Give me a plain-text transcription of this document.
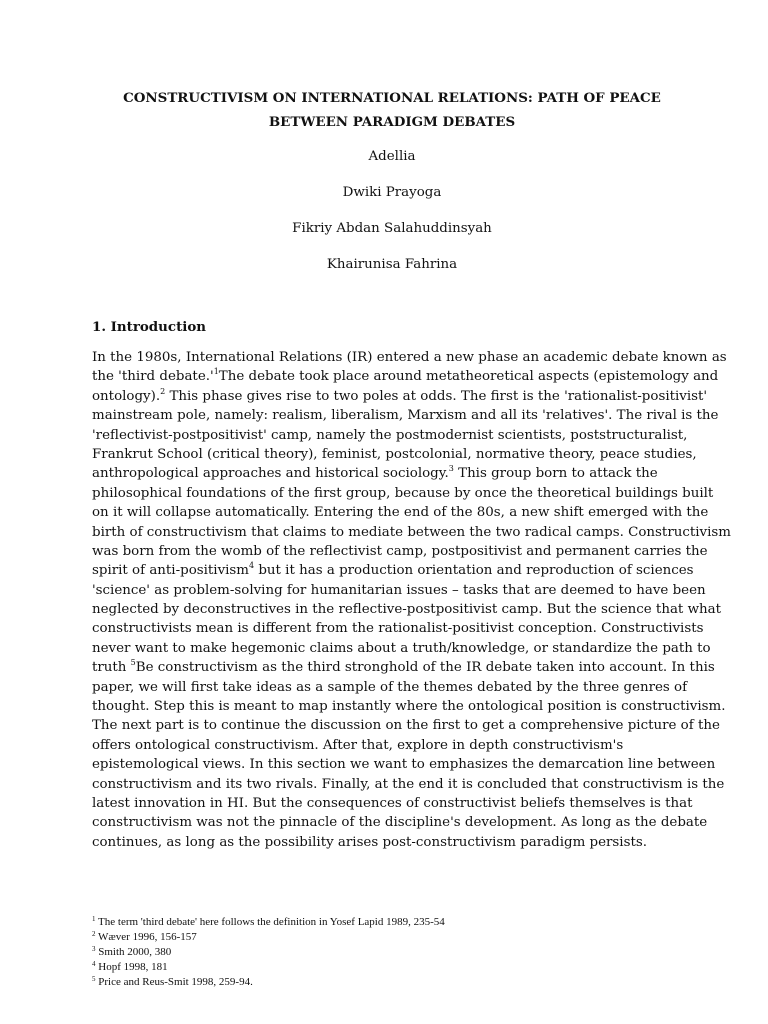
CONSTRUCTIVISM ON INTERNATIONAL RELATIONS: PATH OF PEACE
BETWEEN PARADIGM DEBATES
Adellia
Dwiki Prayoga
Fikriy Abdan Salahuddinsyah
Khairunisa Fahrina
1. Introduction
In the 1980s, International Relations (IR) entered a new phase an academic debate known as
the 'third debate.'$^1$The debate took place around metatheoretical aspects (epistemology and
ontology).$^2$ This phase gives rise to two poles at odds. The first is the 'rationalist-positivist'
mainstream pole, namely: realism, liberalism, Marxism and all its 'relatives'. The rival is the
'reflectivist-postpositivist' camp, namely the postmodernist scientists, poststructuralist,
Frankrut School (critical theory), feminist, postcolonial, normative theory, peace studies,
anthropological approaches and historical sociology.$^3$ This group born to attack the
philosophical foundations of the first group, because by once the theoretical buildings built
on it will collapse automatically. Entering the end of the 80s, a new shift emerged with the
birth of constructivism that claims to mediate between the two radical camps. Constructivism
was born from the womb of the reflectivist camp, postpositivist and permanent carries the
spirit of anti-positivism$^4$ but it has a production orientation and reproduction of sciences
'science' as problem-solving for humanitarian issues – tasks that are deemed to have been
neglected by deconstructives in the reflective-postpositivist camp. But the science that what
constructivists mean is different from the rationalist-positivist conception. Constructivists
never want to make hegemonic claims about a truth/knowledge, or standardize the path to
truth $^5$Be constructivism as the third stronghold of the IR debate taken into account. In this
paper, we will first take ideas as a sample of the themes debated by the three genres of
thought. Step this is meant to map instantly where the ontological position is constructivism.
The next part is to continue the discussion on the first to get a comprehensive picture of the
offers ontological constructivism. After that, explore in depth constructivism's
epistemological views. In this section we want to emphasizes the demarcation line between
constructivism and its two rivals. Finally, at the end it is concluded that constructivism is the
latest innovation in HI. But the consequences of constructivist beliefs themselves is that
constructivism was not the pinnacle of the discipline's development. As long as the debate
continues, as long as the possibility arises post-constructivism paradigm persists.
$^1$ The term 'third debate' here follows the definition in Yosef Lapid 1989, 235-54
$^2$ Wæver 1996, 156-157
$^3$ Smith 2000, 380
$^4$ Hopf 1998, 181
$^5$ Price and Reus-Smit 1998, 259-94.
